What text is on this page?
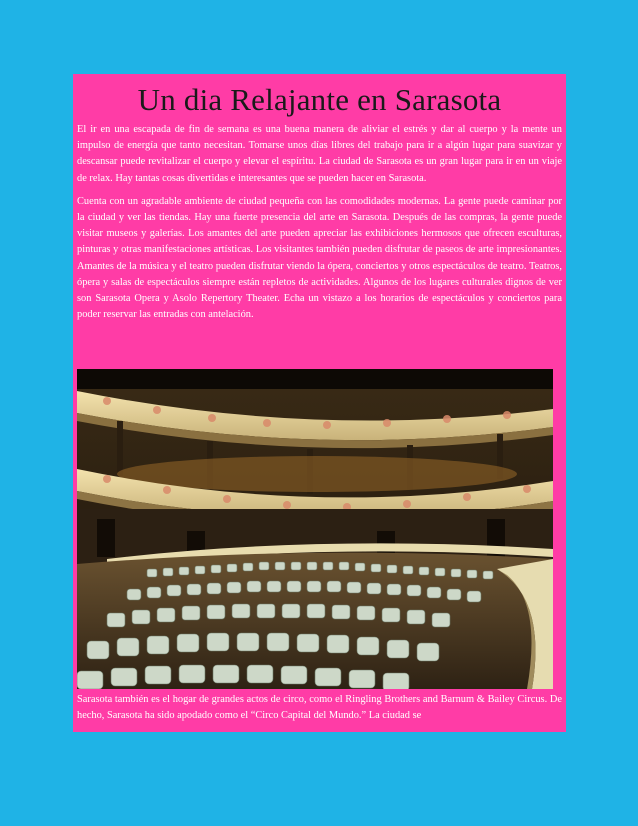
Un dia Relajante en Sarasota

El ir en una escapada de fin de semana es una buena manera de aliviar el estrés y dar al cuerpo y la mente un impulso de energía que tanto necesitan. Tomarse unos días libres del trabajo para ir a algún lugar para suavizar y descansar puede revitalizar el cuerpo y elevar el espíritu. La ciudad de Sarasota es un gran lugar para ir en un viaje de relax. Hay tantas cosas divertidas e interesantes que se pueden hacer en Sarasota.

Cuenta con un agradable ambiente de ciudad pequeña con las comodidades modernas. La gente puede caminar por la ciudad y ver las tiendas. Hay una fuerte presencia del arte en Sarasota. Después de las compras, la gente puede visitar museos y galerías. Los amantes del arte pueden apreciar las exhibiciones hermosos que ofrecen esculturas, pinturas y otras manifestaciones artísticas. Los visitantes también pueden disfrutar de paseos de arte impresionantes. Amantes de la música y el teatro pueden disfrutar viendo la ópera, conciertos y otros espectáculos de teatro. Teatros, ópera y salas de espectáculos siempre están repletos de actividades. Algunos de los lugares culturales dignos de ver son Sarasota Opera y Asolo Repertory Theater. Echa un vistazo a los horarios de espectáculos y conciertos para poder reservar las entradas con antelación.

Sarasota también es el hogar de grandes actos de circo, como el Ringling Brothers and Barnum & Bailey Circus. De hecho, Sarasota ha sido apodado como el “Circo Capital del Mundo.” La ciudad se
